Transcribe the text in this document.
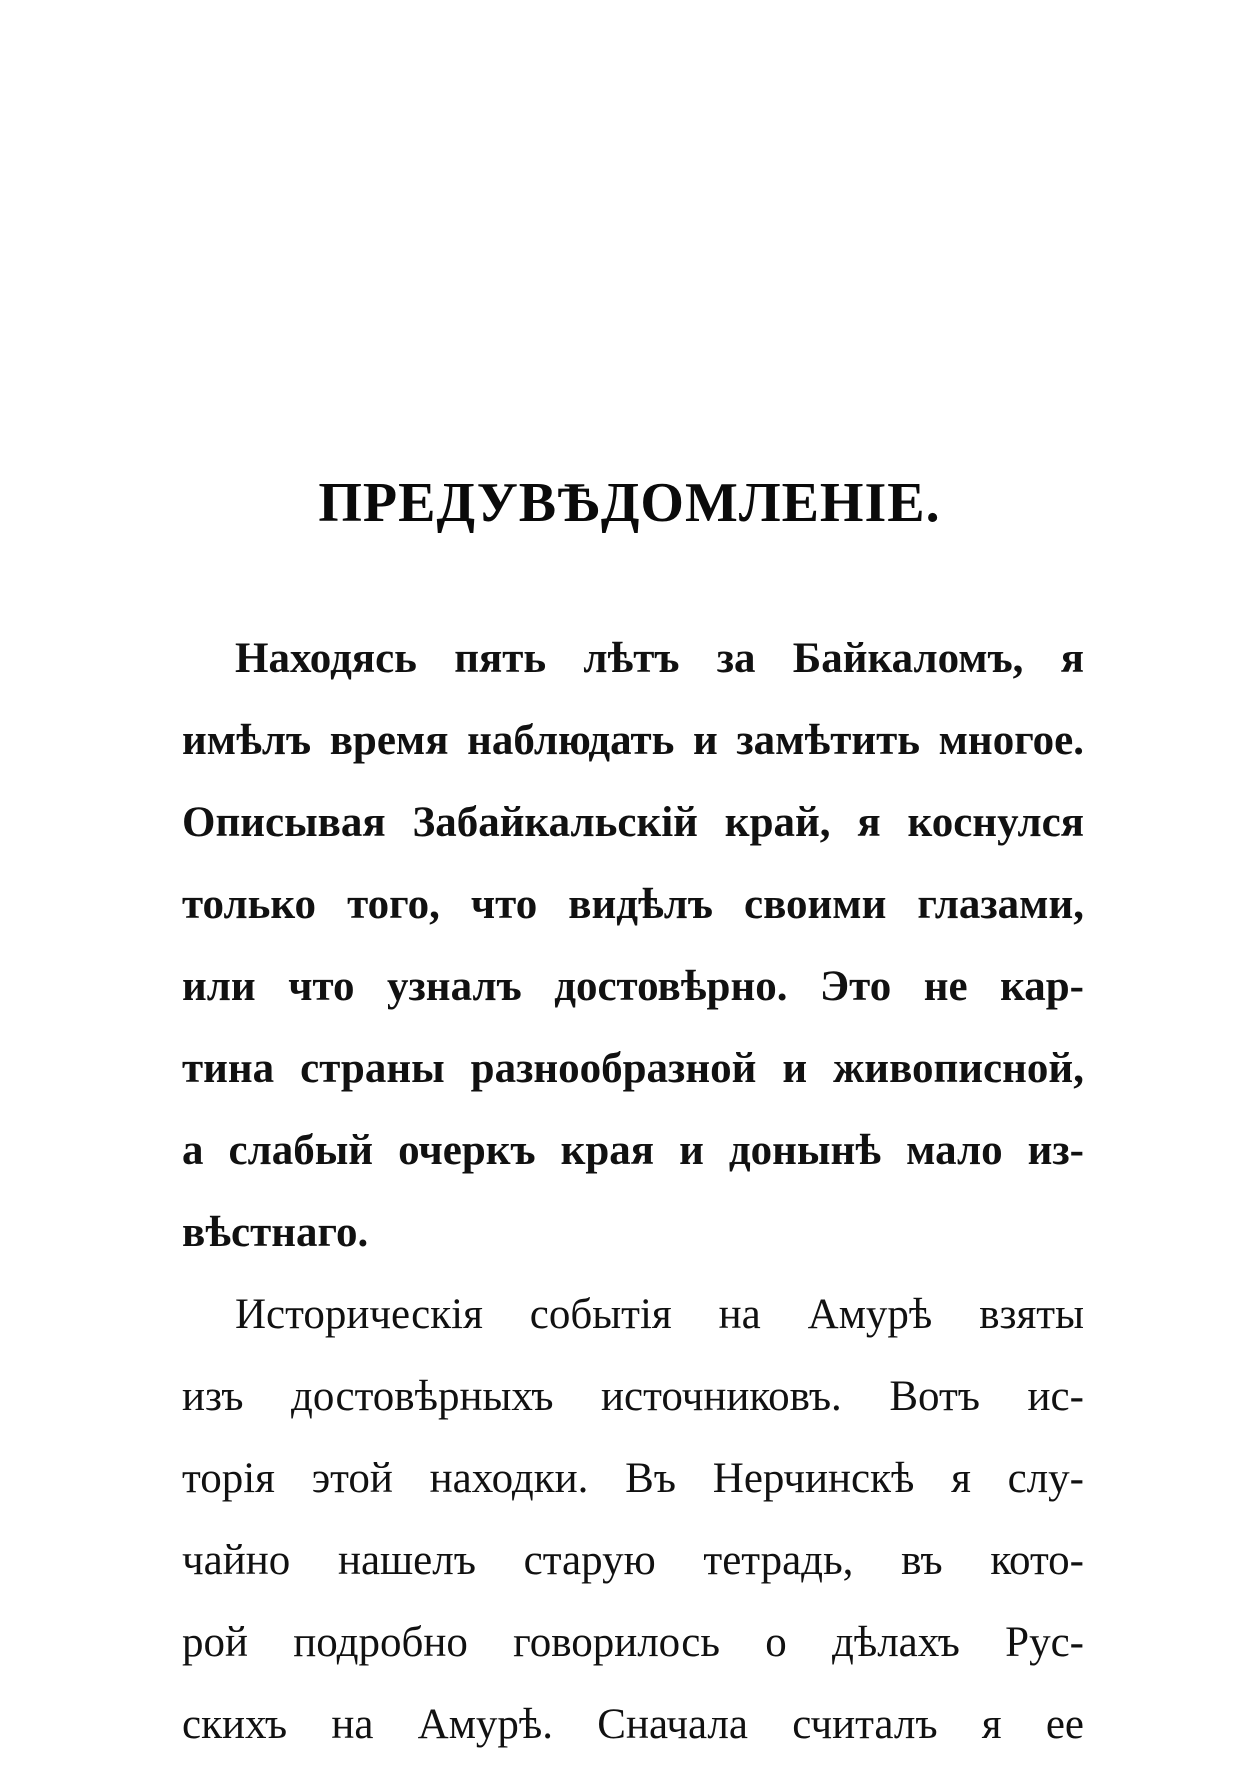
ПРЕДУВѢДОМЛЕНІЕ.
Находясь пять лѣтъ за Байкаломъ, я
имѣлъ время наблюдать и замѣтить многое.
Описывая Забайкальскій край, я коснулся
только того, что видѣлъ своими глазами,
или что узналъ достовѣрно. Это не кар-
тина страны разнообразной и живописной,
а слабый очеркъ края и донынѣ мало из-
вѣстнаго.
Историческія событія на Амурѣ взяты
изъ достовѣрныхъ источниковъ. Вотъ ис-
торія этой находки. Въ Нерчинскѣ я слу-
чайно нашелъ старую тетрадь, въ кото-
рой подробно говорилось о дѣлахъ Рус-
скихъ на Амурѣ. Сначала считалъ я ее
